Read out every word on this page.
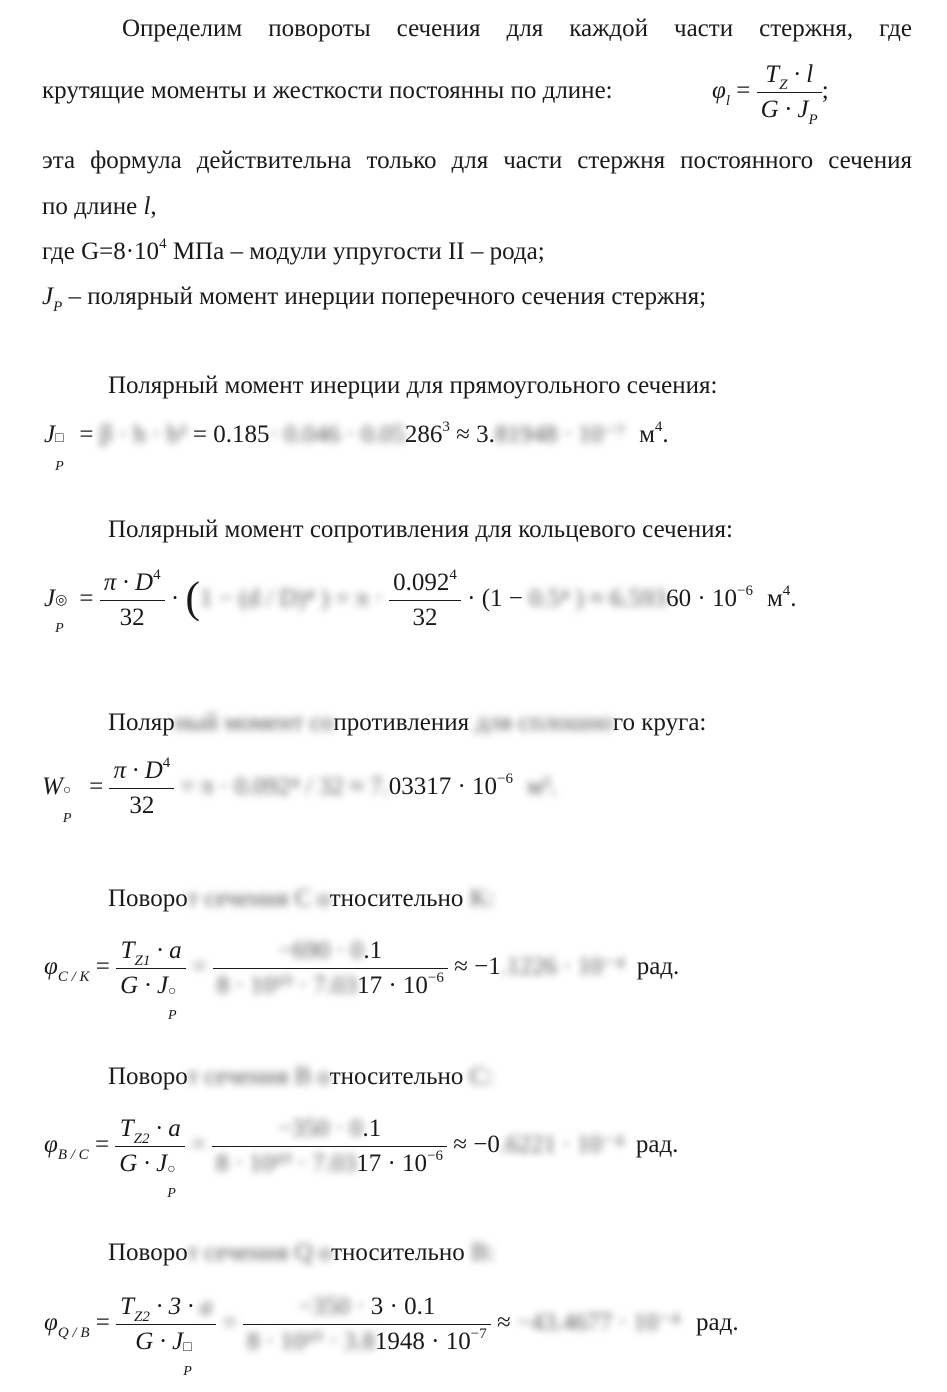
Определим повороты сечения для каждой части стержня, где
крутящие моменты и жесткости постоянны по длине:	$\varphi_l = \frac{T_Z \cdot l}{G \cdot J_P}$ ;
эта формула действительна только для части стержня постоянного сечения
по длине l,
где $G=8\cdot 10^4$ МПа – модули упругости II – рода;
$J_P$ – полярный момент инерции поперечного сечения стержня;
Полярный момент инерции для прямоугольного сечения:
J □
P
= $\beta \cdot h \cdot b^3 = 0.185\cdot 0.046 \cdot 0.05286^3 \approx 3.81948 \cdot 10^{-7}$ $м^4$.
Полярный момент сопротивления для кольцевого сечения:
J ◎
P
= $\frac{\pi \cdot D^4}{32} \cdot (1 - (d / D)^4$ ) = $\pi \cdot \frac{0.092^4}{32} \cdot (1 - 0.5^4$ ) ≈ $6.59360 \cdot 10^{-6}$ $м^4$.
Полярный момент сопротивления для сплошного круга:
W ○
P
= $\frac{\pi \cdot D^4}{32} = \pi \cdot 0.092^4 / 32 \approx 7.03317 \cdot 10^{-6}$ м³.
Поворот сечения C относительно K:
$\varphi_{C / K} = T_{Z1} \cdot a$
G · J ○
$P = \frac{-690 \cdot 0.1}{8 \cdot 10^{10} \cdot 7.0317 \cdot 10^{-6}} \approx -1.1226 \cdot 10^{-4}$ рад.
Поворот сечения B относительно C:
$\varphi_{B / C} = T_{Z2} \cdot a$
G · J ○
$P = \frac{-350 \cdot 0.1}{8 \cdot 10^{10} \cdot 7.0317 \cdot 10^{-6}} \approx -0.6221 \cdot 10^{-4}$ рад.
Поворот сечения Q относительно B:
$\varphi_{Q / B} = T_{Z2} \cdot 3 \cdot a$
G · J □
$P = \frac{-350 \cdot 3 \cdot 0.1}{8 \cdot 10^{10} \cdot 3.81948 \cdot 10^{-7}} \approx -43.4677 \cdot 10^{-4}$ рад.
